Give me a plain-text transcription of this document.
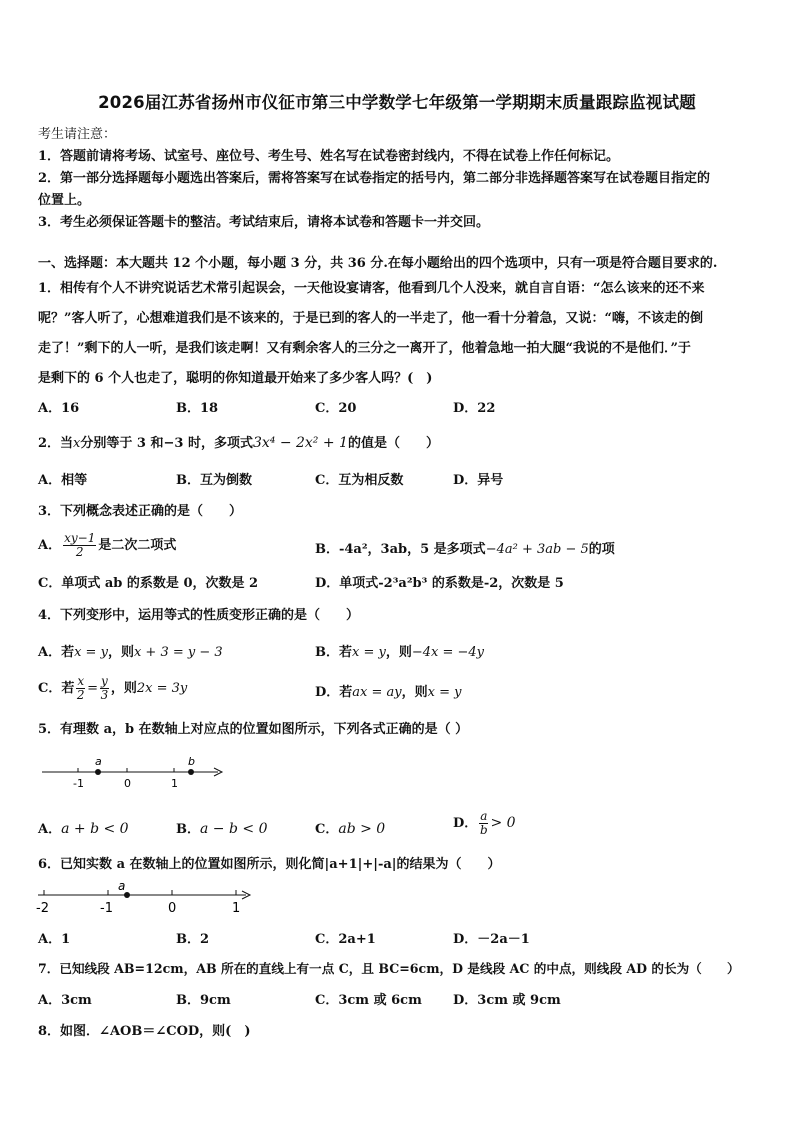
2026届江苏省扬州市仪征市第三中学数学七年级第一学期期末质量跟踪监视试题
考生请注意：
1．答题前请将考场、试室号、座位号、考生号、姓名写在试卷密封线内，不得在试卷上作任何标记。
2．第一部分选择题每小题选出答案后，需将答案写在试卷指定的括号内，第二部分非选择题答案写在试卷题目指定的
位置上。
3．考生必须保证答题卡的整洁。考试结束后，请将本试卷和答题卡一并交回。
一、选择题：本大题共 12 个小题，每小题 3 分，共 36 分.在每小题给出的四个选项中，只有一项是符合题目要求的.
1．相传有个人不讲究说话艺术常引起误会，一天他设宴请客，他看到几个人没来，就自言自语：“怎么该来的还不来
呢？”客人听了，心想难道我们是不该来的，于是已到的客人的一半走了，他一看十分着急，又说：“嗨，不该走的倒
走了！”剩下的人一听，是我们该走啊！又有剩余客人的三分之一离开了，他着急地一拍大腿“我说的不是他们．”于
是剩下的 6 个人也走了，聪明的你知道最开始来了多少客人吗？(　)
A．16	B．18	C．20	D．22
2．当x分别等于 3 和−3 时，多项式3x⁴ − 2x² + 1的值是（　　）
A．相等	B．互为倒数	C．互为相反数	D．异号
3．下列概念表述正确的是（　　）
A． $\frac{xy-1}{2}$ 是二次二项式	B．-4a²，3ab，5 是多项式−4a² + 3ab − 5的项
C．单项式 ab 的系数是 0，次数是 2	D．单项式-2³a²b³ 的系数是-2，次数是 5
4．下列变形中，运用等式的性质变形正确的是（　　）
A．若x = y，则x + 3 = y − 3	B．若x = y，则−4x = −4y
C．若 $\frac{x}{2} = \frac{y}{3}$ ，则2x = 3y	D．若ax = ay，则x = y
5．有理数 a，b 在数轴上对应点的位置如图所示，下列各式正确的是（ ）
a	b
-1	0	1
A．a + b < 0	B．a − b < 0	C．ab > 0	D． $\frac{a}{b} > 0$
6．已知实数 a 在数轴上的位置如图所示，则化简|a+1|+|-a|的结果为（　　）
a
-2	-1	0	1
A．1	B．2	C．2a+1	D．－2a－1
7．已知线段 AB=12cm，AB 所在的直线上有一点 C，且 BC=6cm，D 是线段 AC 的中点，则线段 AD 的长为（　　）
A．3cm	B．9cm	C．3cm 或 6cm D．3cm 或 9cm
8．如图．∠AOB＝∠COD，则(　)
